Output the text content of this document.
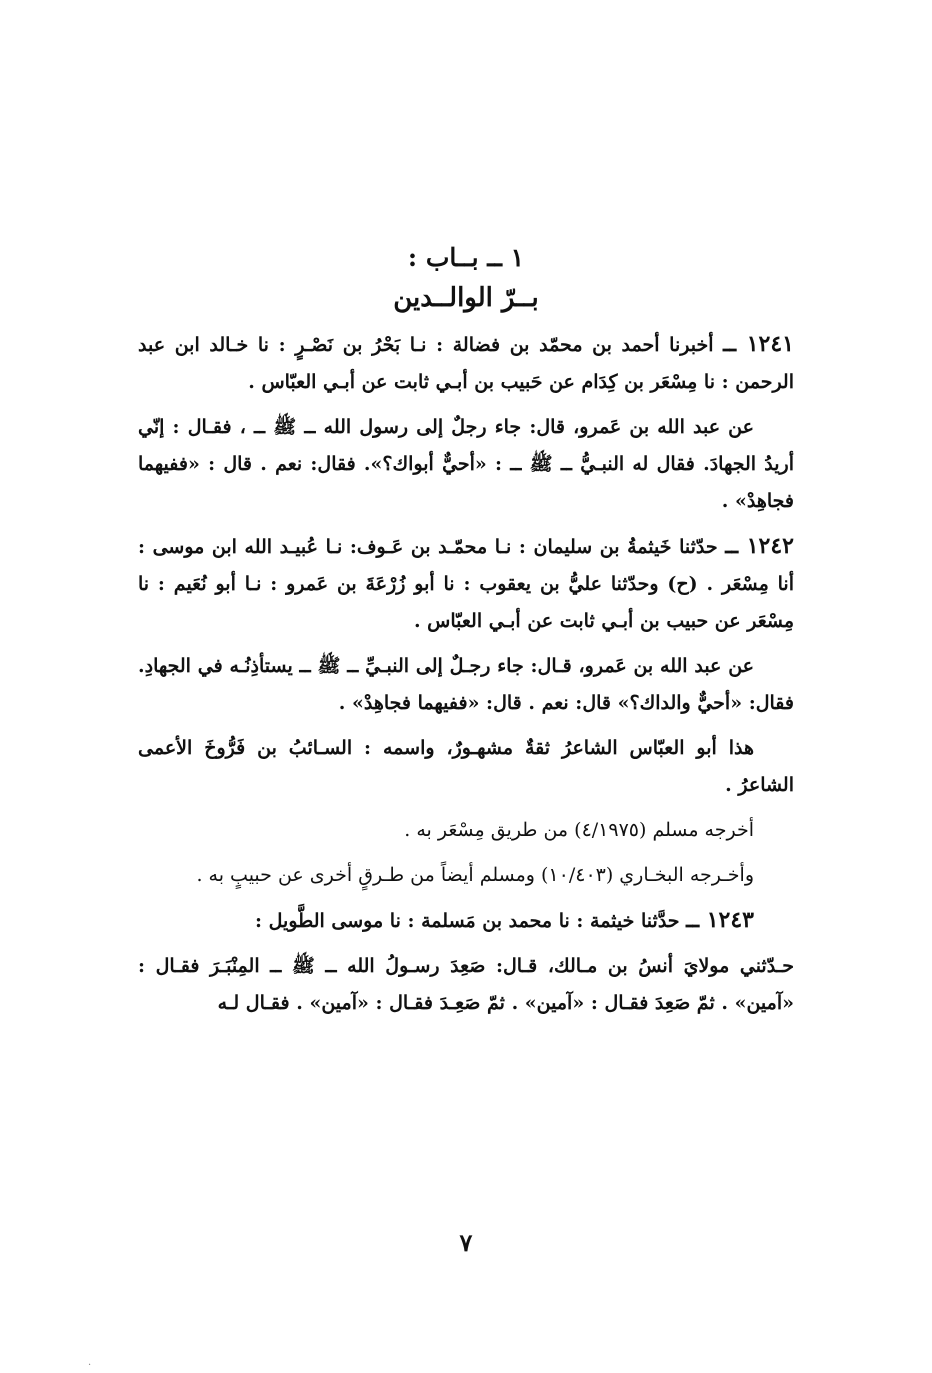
١ ــ بــاب :

بــرّ الوالــدين

١٢٤١ ــ أخبرنا أحمد بن محمّد بن فضالة : نـا بَحْرُ بن نَصْـرٍ : نا خـالد ابن عبد الرحمن : نا مِسْعَر بن كِدَام عن حَبيب بن أبـي ثابت عن أبـي العبّاس .

عن عبد الله بن عَمرو، قال: جاء رجلٌ إلى رسول الله ــ ﷺ ــ ، فقـال : إنّي أريدُ الجهادَ. فقال له النبـيُّ ــ ﷺ ــ : «أحيٌّ أبواك؟». فقال: نعم . قال : «ففيهما فجاهِدْ» .

١٢٤٢ ــ حدّثنا خَيثمةُ بن سليمان : نـا محمّـد بن عَـوف: نـا عُبيـد الله ابن موسى : أنا مِسْعَر . (ح) وحدّثنا عليُّ بن يعقوب : نا أبو زُرْعَةَ بن عَمرو : نـا أبو نُعَيم : نا مِسْعَر عن حبيب بن أبـي ثابت عن أبـي العبّاس .

عن عبد الله بن عَمرو، قـال: جاء رجـلٌ إلى النبـيِّ ــ ﷺ ــ يستأذِنُـه في الجهادِ. فقال: «أحيٌّ والداك؟» قال: نعم . قال: «ففيهما فجاهِدْ» .

هذا أبو العبّاس الشاعرُ ثقةٌ مشهـورٌ، واسمه : السـائبُ بن فَرُّوخَ الأعمى الشاعرُ .

أخرجه مسلم (٤/١٩٧٥) من طريق مِسْعَر به .

وأخـرجه البخـاري (١٠/٤٠٣) ومسلم أيضاً من طـرقٍ أخرى عن حبيبٍ به .

١٢٤٣ ــ حدَّثنا خيثمة : نا محمد بن مَسلمة : نا موسى الطَّويل :

حـدّثني مولايَ أنسُ بن مـالك، قـال: صَعِدَ رسـولُ الله ــ ﷺ ــ المِنْبَـرَ فقـال : «آمين» . ثمّ صَعِدَ فقـال : «آمين» . ثمّ صَعِـدَ فقـال : «آمين» . فقـال لـه

٧
·
